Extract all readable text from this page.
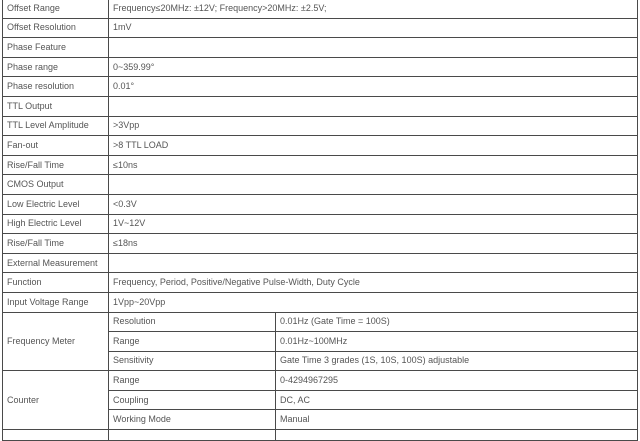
Offset Range	Frequency≤20MHz: ±12V; Frequency>20MHz: ±2.5V;	
Offset Resolution	1mV	
Phase Feature		
Phase range	0~359.99°	
Phase resolution	0.01°	
TTL Output		
TTL Level Amplitude	>3Vpp	
Fan-out	>8 TTL LOAD	
Rise/Fall Time	≤10ns	
CMOS Output		
Low Electric Level	<0.3V	
High Electric Level	1V~12V	
Rise/Fall Time	≤18ns	
External Measurement		
Function	Frequency, Period, Positive/Negative Pulse-Width, Duty Cycle	
Input Voltage Range	1Vpp~20Vpp	
Frequency Meter	Resolution	0.01Hz (Gate Time = 100S)
	Range	0.01Hz~100MHz
	Sensitivity	Gate Time 3 grades (1S, 10S, 100S) adjustable
Counter	Range	0-4294967295
	Coupling	DC, AC
	Working Mode	Manual
